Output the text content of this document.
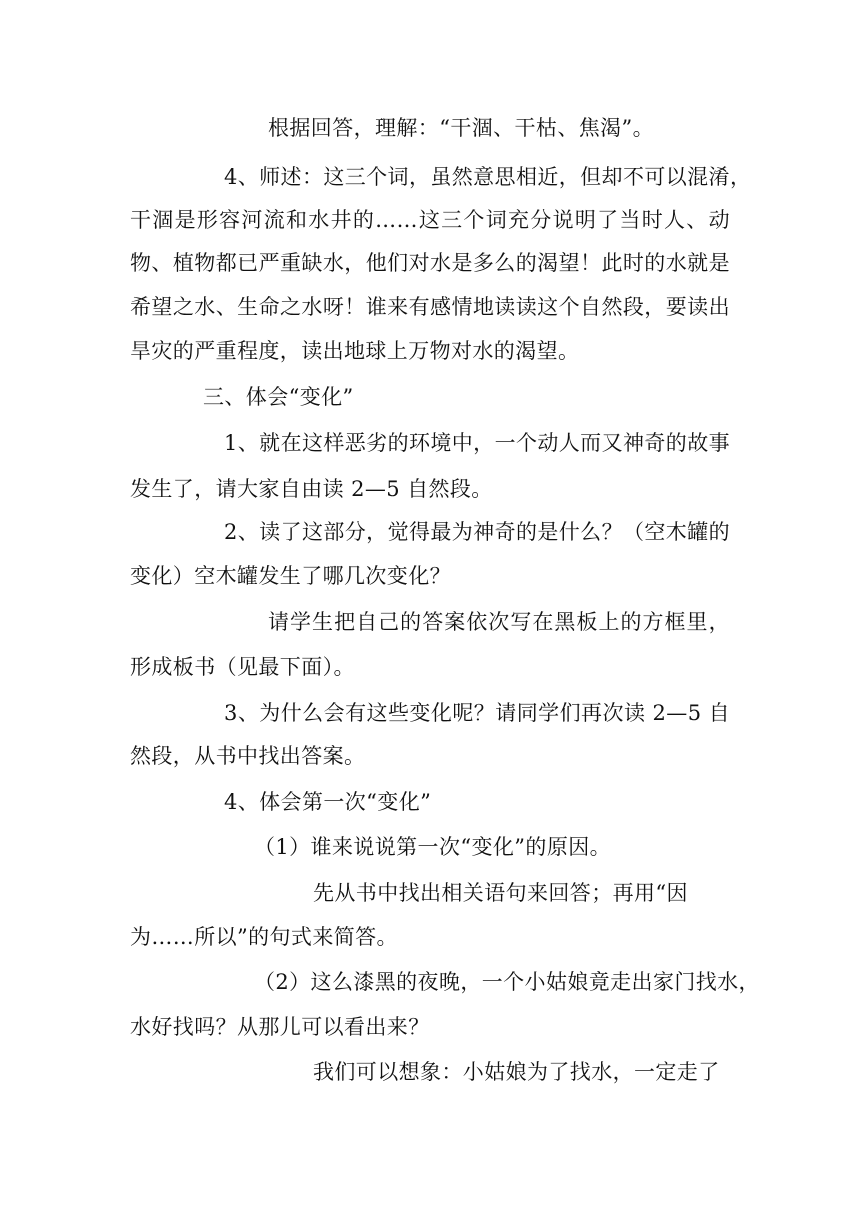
根据回答，理解：“干涸、干枯、焦渴”。
4、师述：这三个词，虽然意思相近，但却不可以混淆，
干涸是形容河流和水井的……这三个词充分说明了当时人、动
物、植物都已严重缺水，他们对水是多么的渴望！此时的水就是
希望之水、生命之水呀！谁来有感情地读读这个自然段，要读出
旱灾的严重程度，读出地球上万物对水的渴望。
三、体会“变化”
1、就在这样恶劣的环境中，一个动人而又神奇的故事
发生了，请大家自由读 2—5 自然段。
2、读了这部分，觉得最为神奇的是什么？（空木罐的
变化）空木罐发生了哪几次变化？
请学生把自己的答案依次写在黑板上的方框里，
形成板书（见最下面）。
3、为什么会有这些变化呢？请同学们再次读 2—5 自
然段，从书中找出答案。
4、体会第一次“变化”
（1）谁来说说第一次“变化”的原因。
先从书中找出相关语句来回答；再用“因
为……所以”的句式来简答。
（2）这么漆黑的夜晚，一个小姑娘竟走出家门找水，
水好找吗？从那儿可以看出来？
我们可以想象：小姑娘为了找水，一定走了
